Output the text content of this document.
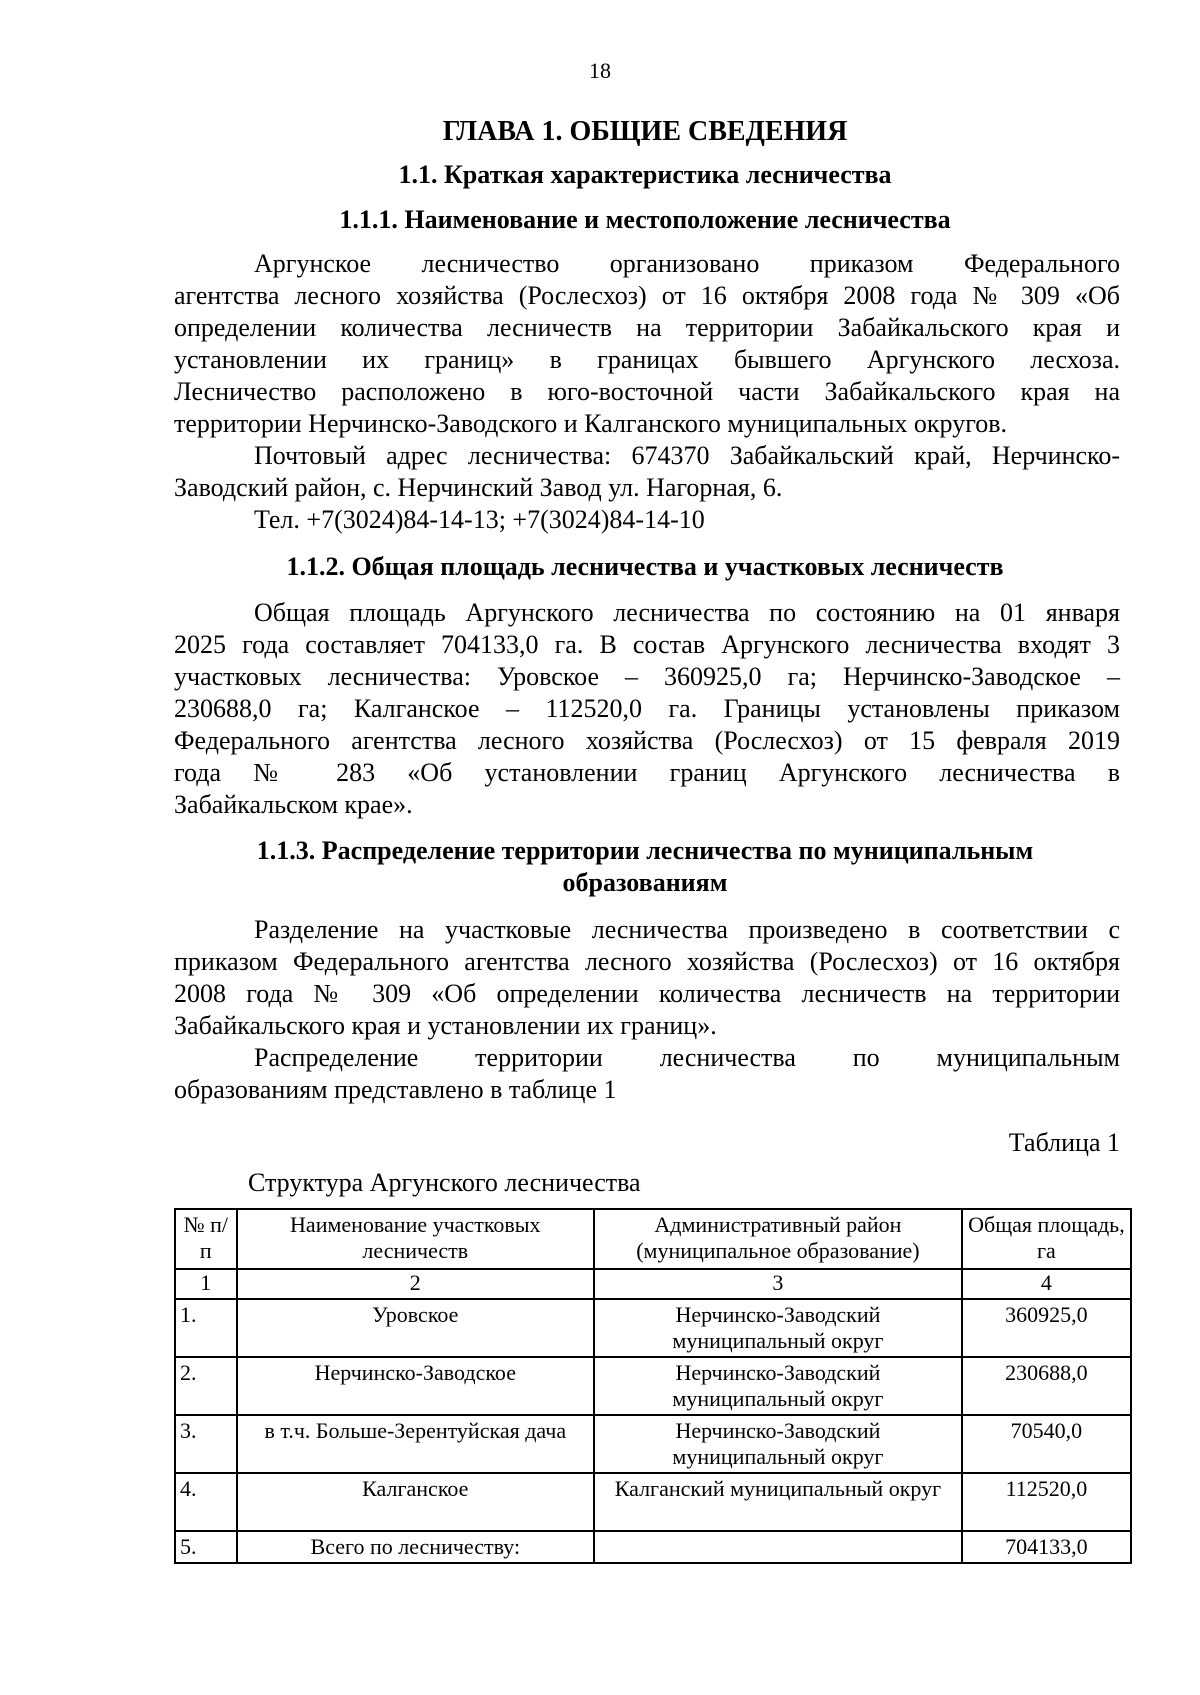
18
ГЛАВА 1. ОБЩИЕ СВЕДЕНИЯ
1.1. Краткая характеристика лесничества
1.1.1. Наименование и местоположение лесничества
Аргунское лесничество организовано приказом Федерального
агентства лесного хозяйства (Рослесхоз) от 16 октября 2008 года № 309 «Об
определении количества лесничеств на территории Забайкальского края и
установлении их границ» в границах бывшего Аргунского лесхоза.
Лесничество расположено в юго-восточной части Забайкальского края на
территории Нерчинско-Заводского и Калганского муниципальных округов.
Почтовый адрес лесничества: 674370 Забайкальский край, Нерчинско-
Заводский район, с. Нерчинский Завод ул. Нагорная, 6.
Тел. +7(3024)84-14-13; +7(3024)84-14-10
1.1.2. Общая площадь лесничества и участковых лесничеств
Общая площадь Аргунского лесничества по состоянию на 01 января
2025 года составляет 704133,0 га. В состав Аргунского лесничества входят 3
участковых лесничества: Уровское – 360925,0 га; Нерчинско-Заводское –
230688,0 га; Калганское – 112520,0 га. Границы установлены приказом
Федерального агентства лесного хозяйства (Рослесхоз) от 15 февраля 2019
года № 283 «Об установлении границ Аргунского лесничества в
Забайкальском крае».
1.1.3. Распределение территории лесничества по муниципальным
образованиям
Разделение на участковые лесничества произведено в соответствии с
приказом Федерального агентства лесного хозяйства (Рослесхоз) от 16 октября
2008 года № 309 «Об определении количества лесничеств на территории
Забайкальского края и установлении их границ».
Распределение территории лесничества по муниципальным
образованиям представлено в таблице 1
Таблица 1
Структура Аргунского лесничества
№ п/п	Наименование участковых лесничеств	Административный район (муниципальное образование)	Общая площадь, га
1	2	3	4
1.	Уровское	Нерчинско-Заводский муниципальный округ	360925,0
2.	Нерчинско-Заводское	Нерчинско-Заводский муниципальный округ	230688,0
3.	в т.ч. Больше-Зерентуйская дача	Нерчинско-Заводский муниципальный округ	70540,0
4.	Калганское	Калганский муниципальный округ	112520,0
5.	Всего по лесничеству:		704133,0
